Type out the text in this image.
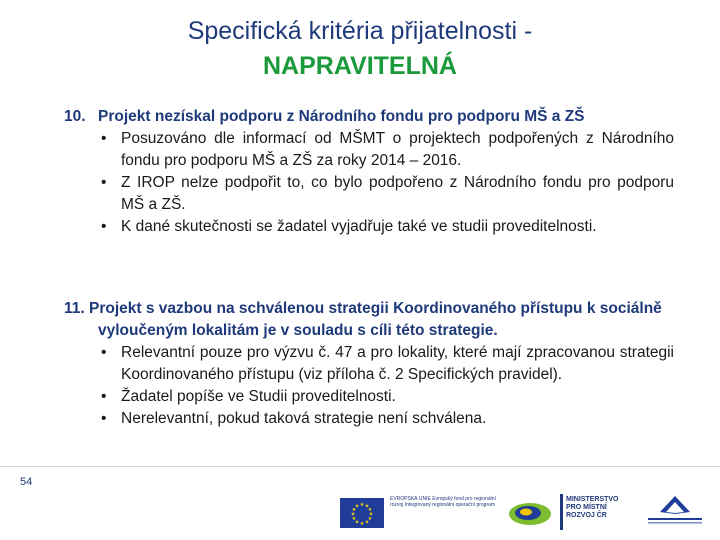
Specifická kritéria přijatelnosti -
NAPRAVITELNÁ
10. Projekt nezískal podporu z Národního fondu pro podporu MŠ a ZŠ
• Posuzováno dle informací od MŠMT o projektech podpořených z Národního fondu pro podporu MŠ a ZŠ za roky 2014 – 2016.
• Z IROP nelze podpořit to, co bylo podpořeno z Národního fondu pro podporu MŠ a ZŠ.
• K dané skutečnosti se žadatel vyjadřuje také ve studii proveditelnosti.
11. Projekt s vazbou na schválenou strategii Koordinovaného přístupu k sociálně vyloučeným lokalitám je v souladu s cíli této strategie.
• Relevantní pouze pro výzvu č. 47 a pro lokality, které mají zpracovanou strategii Koordinovaného přístupu (viz příloha č. 2 Specifických pravidel).
• Žadatel popíše ve Studii proveditelnosti.
• Nerelevantní, pokud taková strategie není schválena.
54
★ ★
★
★
★
★
★
★
★
★
★
★
EVROPSKÁ UNIE Evropský fond pro regionální rozvoj Integrovaný regionální operační program
MINISTERSTVO PRO MÍSTNÍ ROZVOJ ČR
